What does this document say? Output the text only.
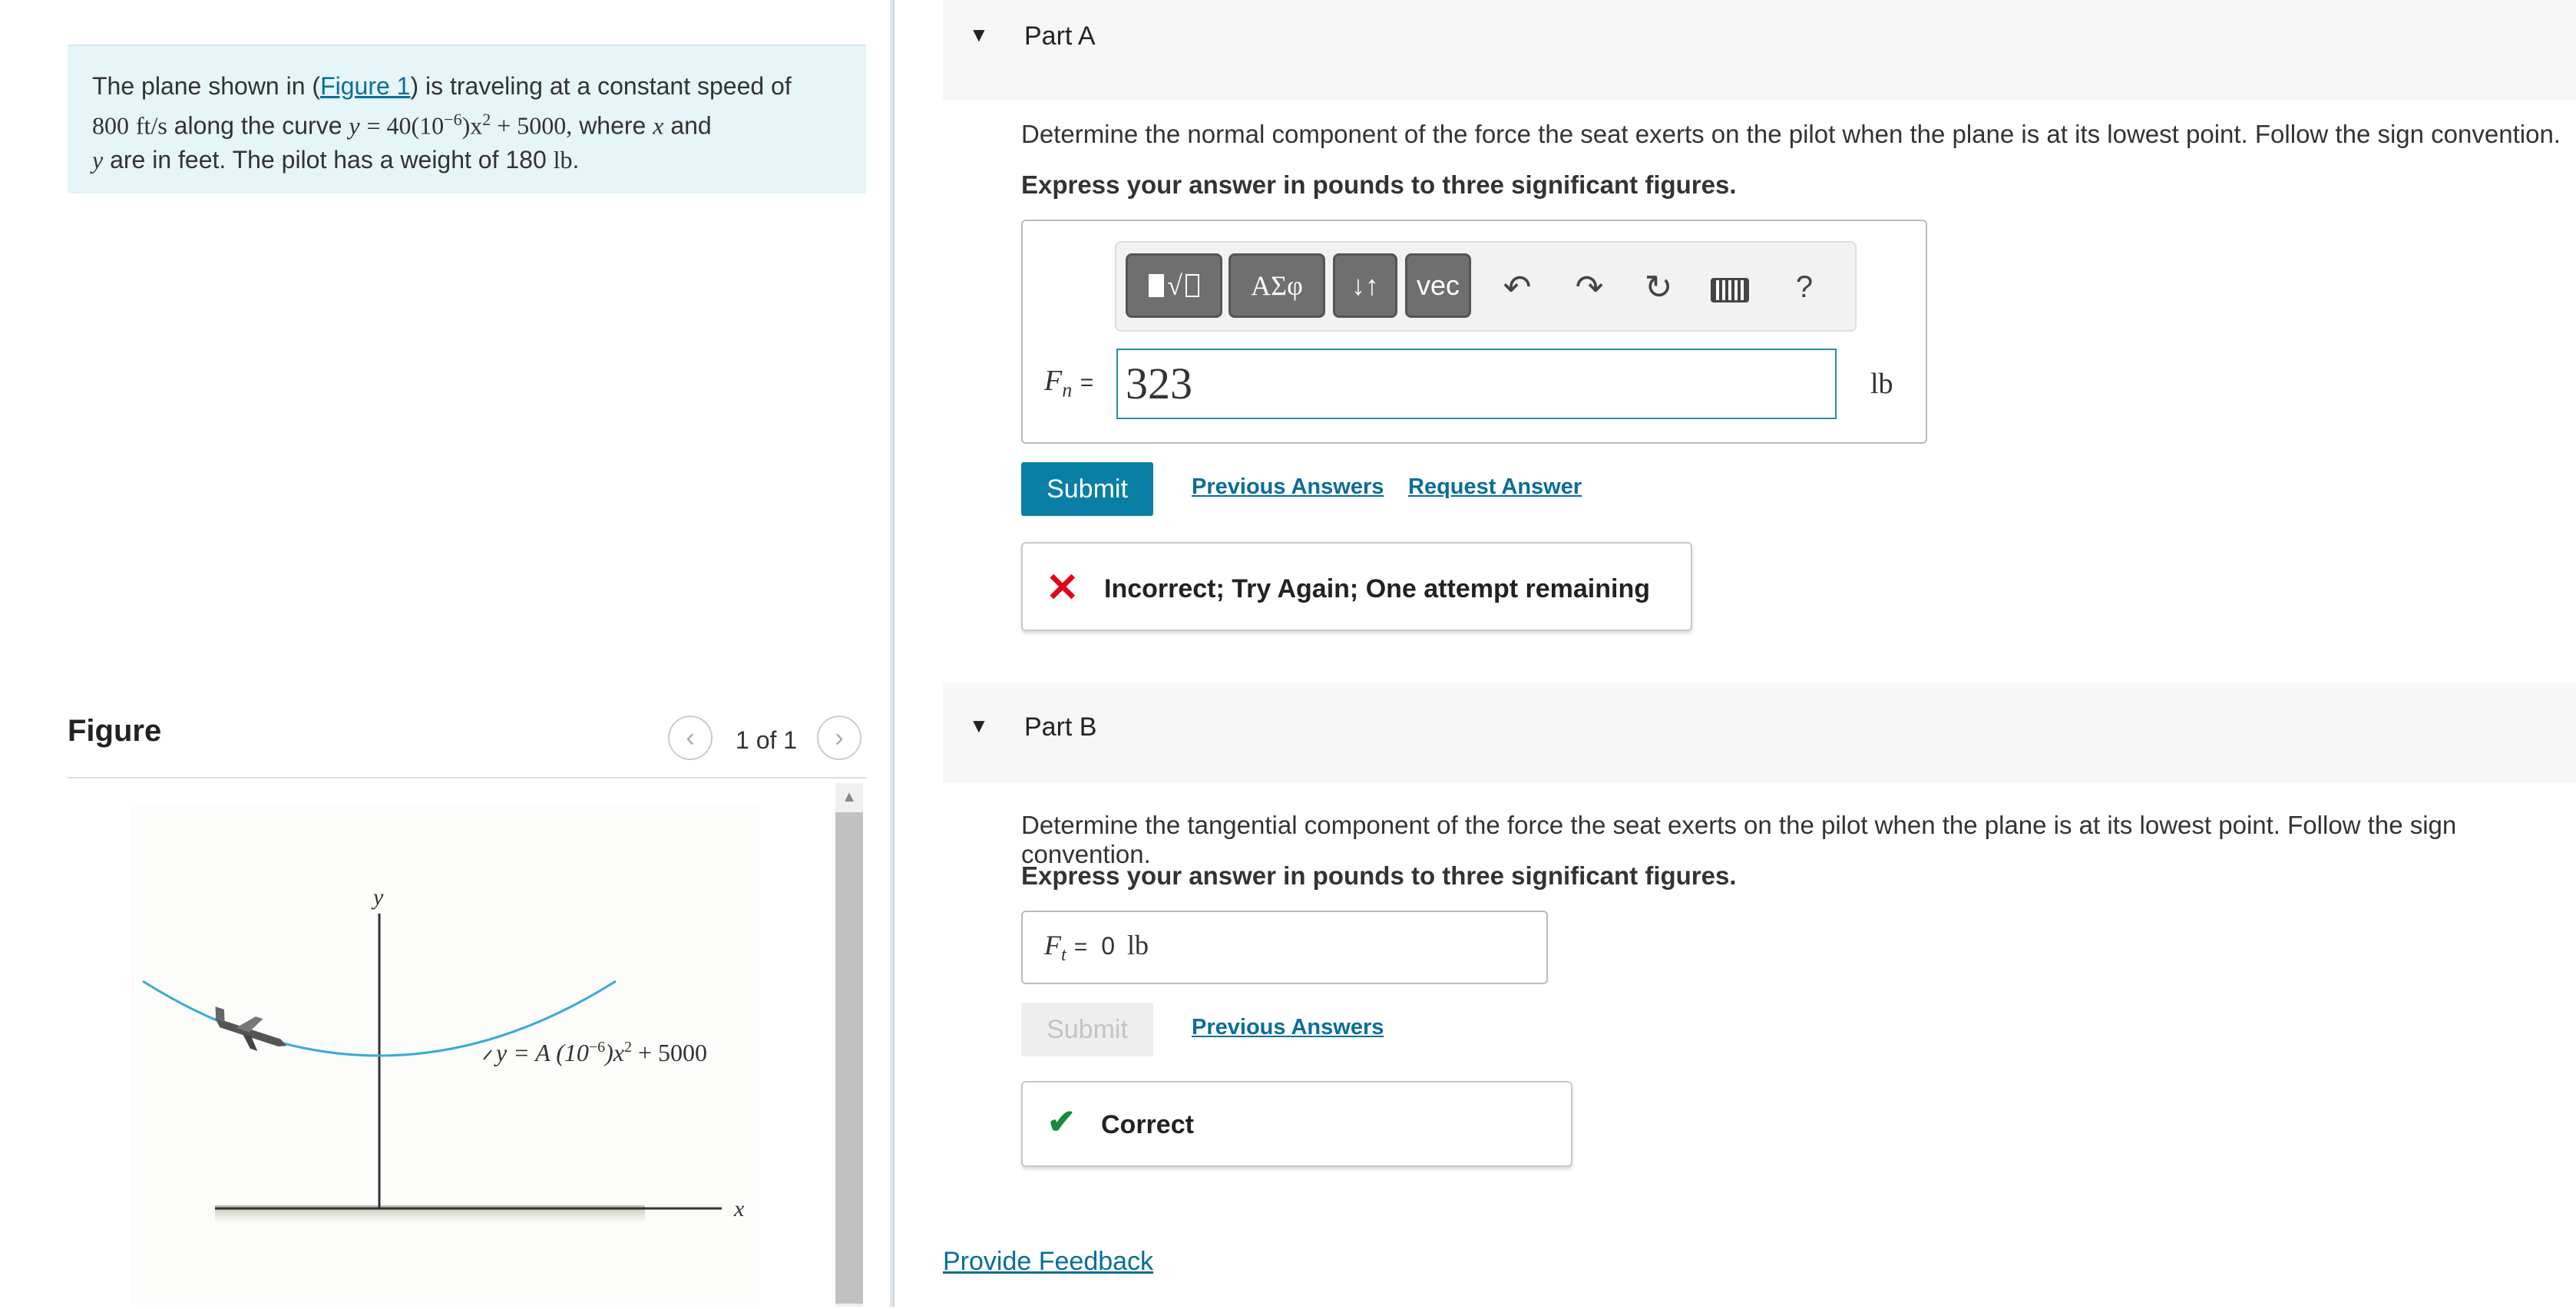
The plane shown in (Figure 1) is traveling at a constant speed of
800 ft/s along the curve $y = 40(10^{-6})x^2 + 5000$, where x and
y are in feet. The pilot has a weight of 180 lb.
Figure	‹ 1 of 1 ›
y
x
y = A $(10^{-6})x^2 + 5000$
▲
▼ Part A
Determine the normal component of the force the seat exerts on the pilot when the plane is at its lowest point. Follow the sign convention.
Express your answer in pounds to three significant figures.
√	ΑΣφ	↓↑	vec	↶ ↷ ↻	?
$F_n = 323$	lb
Submit	Previous Answers Request Answer
✕ Incorrect; Try Again; One attempt remaining
▼ Part B
Determine the tangential component of the force the seat exerts on the pilot when the plane is at its lowest point. Follow the sign convention.
Express your answer in pounds to three significant figures.
$F_t = 0$ lb
Submit	Previous Answers
✔ Correct
Provide Feedback
